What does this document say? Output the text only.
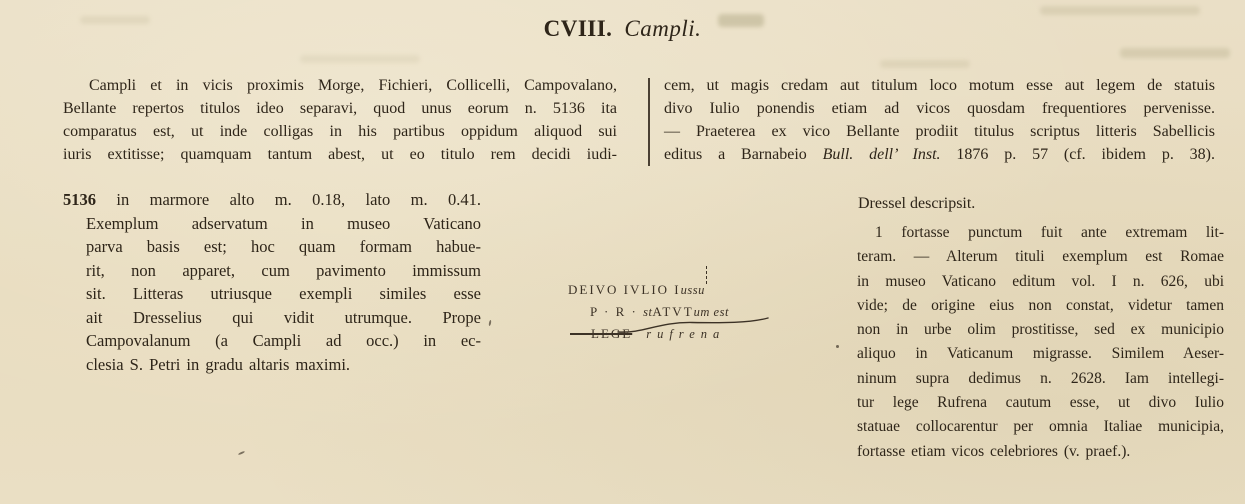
CVIII. Campli.
Campli et in vicis proximis Morge, Fichieri, Collicelli, Campovalano,
Bellante repertos titulos ideo separavi, quod unus eorum n. 5136 ita
comparatus est, ut inde colligas in his partibus oppidum aliquod sui
iuris extitisse; quamquam tantum abest, ut eo titulo rem decidi iudi-
cem, ut magis credam aut titulum loco motum esse aut legem de statuis
divo Iulio ponendis etiam ad vicos quosdam frequentiores pervenisse.
— Praeterea ex vico Bellante prodiit titulus scriptus litteris Sabellicis
editus a Barnabeio Bull. dell’ Inst. 1876 p. 57 (cf. ibidem p. 38).
5136 in marmore alto m. 0.18, lato m. 0.41.
Exemplum adservatum in museo Vaticano
parva basis est; hoc quam formam habue-
rit, non apparet, cum pavimento immissum
sit. Litteras utriusque exempli similes esse
ait Dresselius qui vidit utrumque. Prope
Campovalanum (a Campli ad occ.) in ec-
clesia S. Petri in gradu altaris maximi.
DEIVO IVLIO Iussu
P · R · stATVTum est
LEGE rufrena
Dressel descripsit.
1 fortasse punctum fuit ante extremam lit-
teram. — Alterum tituli exemplum est Romae
in museo Vaticano editum vol. I n. 626, ubi
vide; de origine eius non constat, videtur tamen
non in urbe olim prostitisse, sed ex municipio
aliquo in Vaticanum migrasse. Similem Aeser-
ninum supra dedimus n. 2628. Iam intellegi-
tur lege Rufrena cautum esse, ut divo Iulio
statuae collocarentur per omnia Italiae municipia,
fortasse etiam vicos celebriores (v. praef.).
